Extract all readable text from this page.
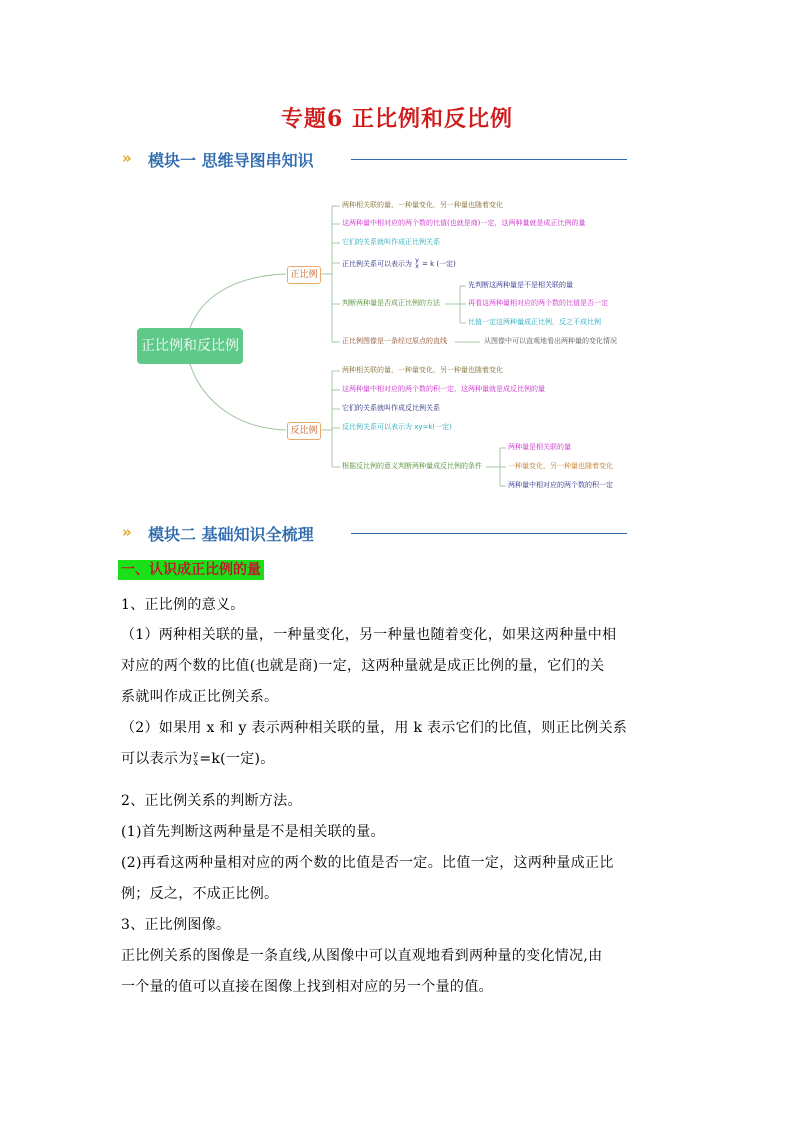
专题6 正比例和反比例
» 模块一 思维导图串知识
正比例和反比例
正比例
反比例
两种相关联的量，一种量变化，另一种量也随着变化
这两种量中相对应的两个数的比值(也就是商)一定，这两种量就是成正比例的量
它们的关系就叫作成正比例关系
正比例关系可以表示为 y
x = k (一定)
判断两种量是否成正比例的方法
正比例图像是一条经过原点的直线
先判断这两种量是不是相关联的量
再看这两种量相对应的两个数的比值是否一定
比值一定这两种量成正比例，反之不成比例
从图像中可以直观地看出两种量的变化情况
两种相关联的量，一种量变化，另一种量也随着变化
这两种量中相对应的两个数的积一定，这两种量就是成反比例的量
它们的关系就叫作成反比例关系
反比例关系可以表示为 xy=k(一定)
根据反比例的意义判断两种量成反比例的条件
两种量是相关联的量
一种量变化，另一种量也随着变化
两种量中相对应的两个数的积一定
» 模块二 基础知识全梳理
一、认识成正比例的量
1、正比例的意义。
（1）两种相关联的量，一种量变化，另一种量也随着变化，如果这两种量中相
对应的两个数的比值(也就是商)一定，这两种量就是成正比例的量，它们的关
系就叫作成正比例关系。
（2）如果用 x 和 y 表示两种相关联的量，用 k 表示它们的比值，则正比例关系
可以表示为 y
x =k(一定)。
2、正比例关系的判断方法。
(1)首先判断这两种量是不是相关联的量。
(2)再看这两种量相对应的两个数的比值是否一定。比值一定，这两种量成正比
例；反之，不成正比例。
3、正比例图像。
正比例关系的图像是一条直线,从图像中可以直观地看到两种量的变化情况,由
一个量的值可以直接在图像上找到相对应的另一个量的值。
